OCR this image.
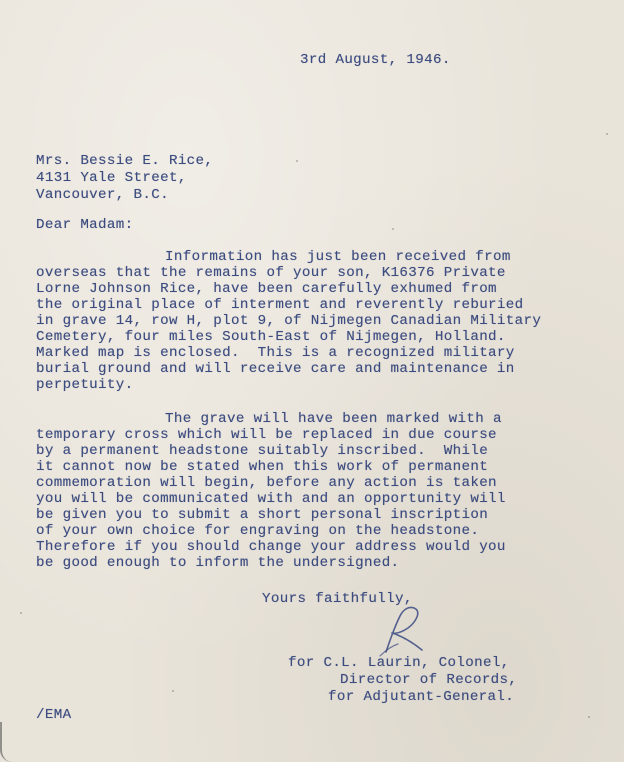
3rd August, 1946.
Mrs. Bessie E. Rice,
4131 Yale Street,
Vancouver, B.C.
Dear Madam:
Information has just been received from
overseas that the remains of your son, K16376 Private
Lorne Johnson Rice, have been carefully exhumed from
the original place of interment and reverently reburied
in grave 14, row H, plot 9, of Nijmegen Canadian Military
Cemetery, four miles South-East of Nijmegen, Holland.
Marked map is enclosed.  This is a recognized military
burial ground and will receive care and maintenance in
perpetuity.
The grave will have been marked with a
temporary cross which will be replaced in due course
by a permanent headstone suitably inscribed.  While
it cannot now be stated when this work of permanent
commemoration will begin, before any action is taken
you will be communicated with and an opportunity will
be given you to submit a short personal inscription
of your own choice for engraving on the headstone.
Therefore if you should change your address would you
be good enough to inform the undersigned.
Yours faithfully,
for C.L. Laurin, Colonel,
Director of Records,
for Adjutant-General.
/EMA
